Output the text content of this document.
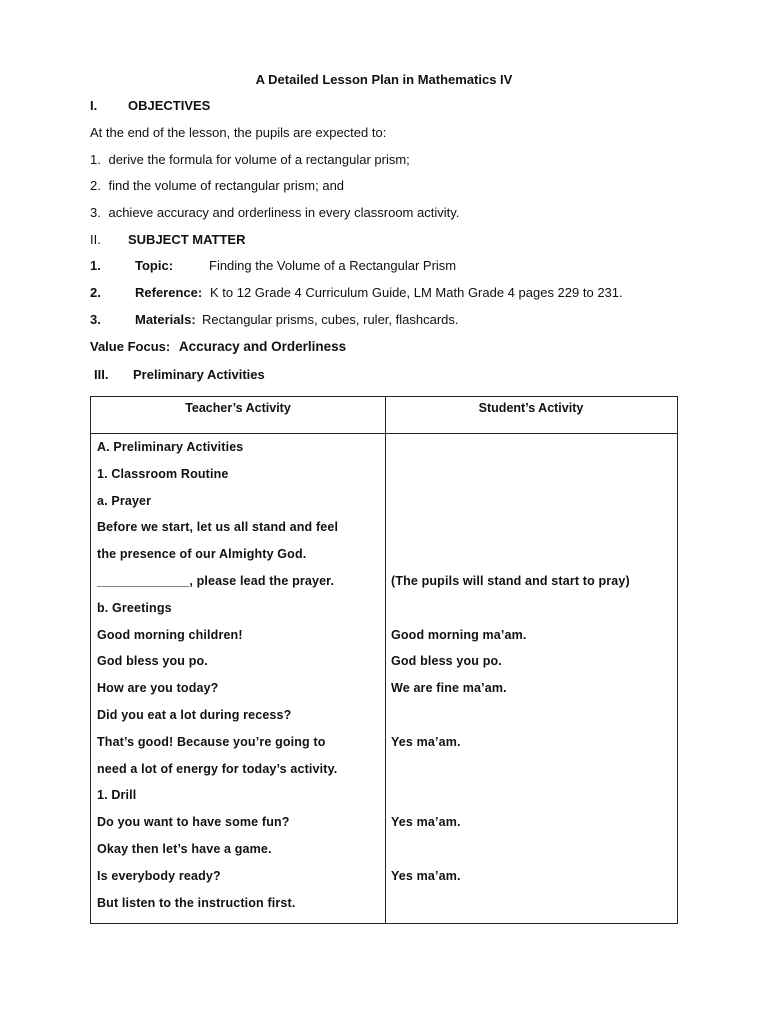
A Detailed Lesson Plan in Mathematics IV
I. OBJECTIVES
At the end of the lesson, the pupils are expected to:
1. derive the formula for volume of a rectangular prism;
2. find the volume of rectangular prism; and
3. achieve accuracy and orderliness in every classroom activity.
II. SUBJECT MATTER
1.	Topic:	Finding the Volume of a Rectangular Prism
2.	Reference: K to 12 Grade 4 Curriculum Guide, LM Math Grade 4 pages 229 to 231.
3.	Materials: Rectangular prisms, cubes, ruler, flashcards.
Value Focus: Accuracy and Orderliness
III. Preliminary Activities
Teacher’s Activity	Student’s Activity
A. Preliminary Activities
1. Classroom Routine
a. Prayer
Before we start, let us all stand and feel
the presence of our Almighty God.
_____________, please lead the prayer.	(The pupils will stand and start to pray)
b. Greetings
Good morning children!	Good morning ma’am.
God bless you po.	God bless you po.
How are you today?	We are fine ma’am.
Did you eat a lot during recess?
That’s good! Because you’re going to	Yes ma’am.
need a lot of energy for today’s activity.
1. Drill
Do you want to have some fun?	Yes ma’am.
Okay then let’s have a game.
Is everybody ready?	Yes ma’am.
But listen to the instruction first.
